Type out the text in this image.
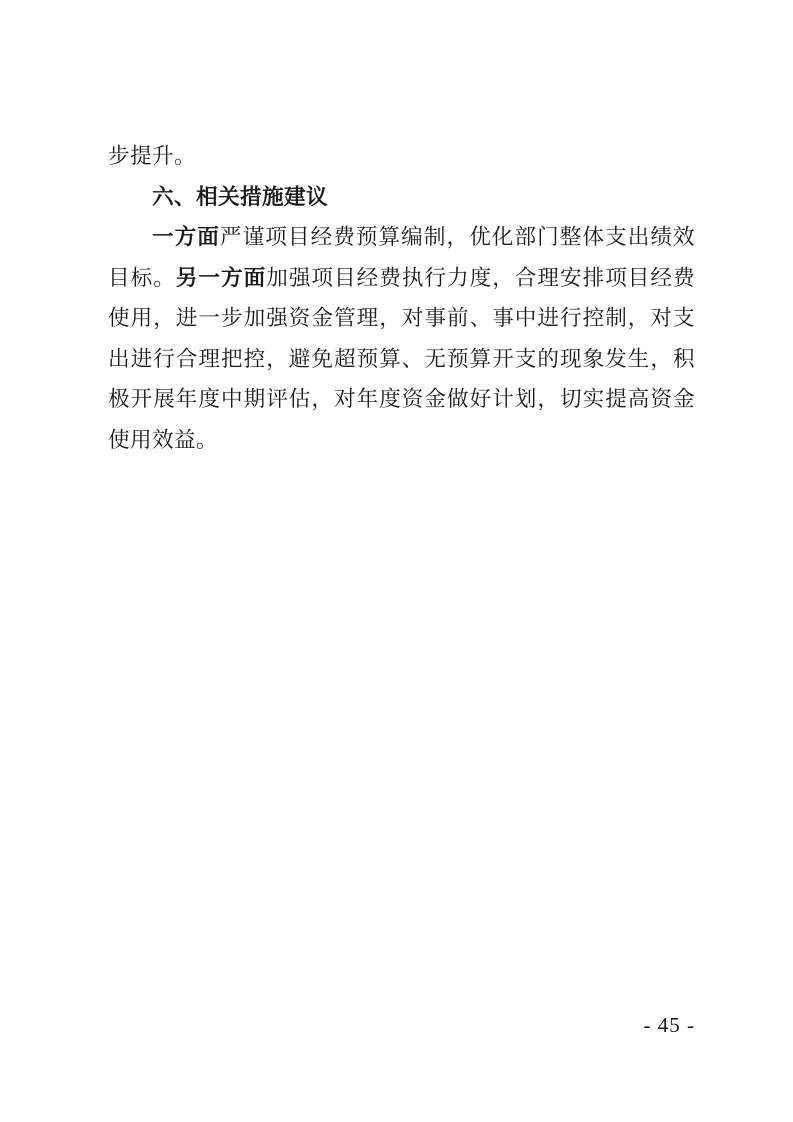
步提升。

六、相关措施建议

一方面严谨项目经费预算编制，优化部门整体支出绩效目标。另一方面加强项目经费执行力度，合理安排项目经费使用，进一步加强资金管理，对事前、事中进行控制，对支出进行合理把控，避免超预算、无预算开支的现象发生，积极开展年度中期评估，对年度资金做好计划，切实提高资金使用效益。

- 45 -
